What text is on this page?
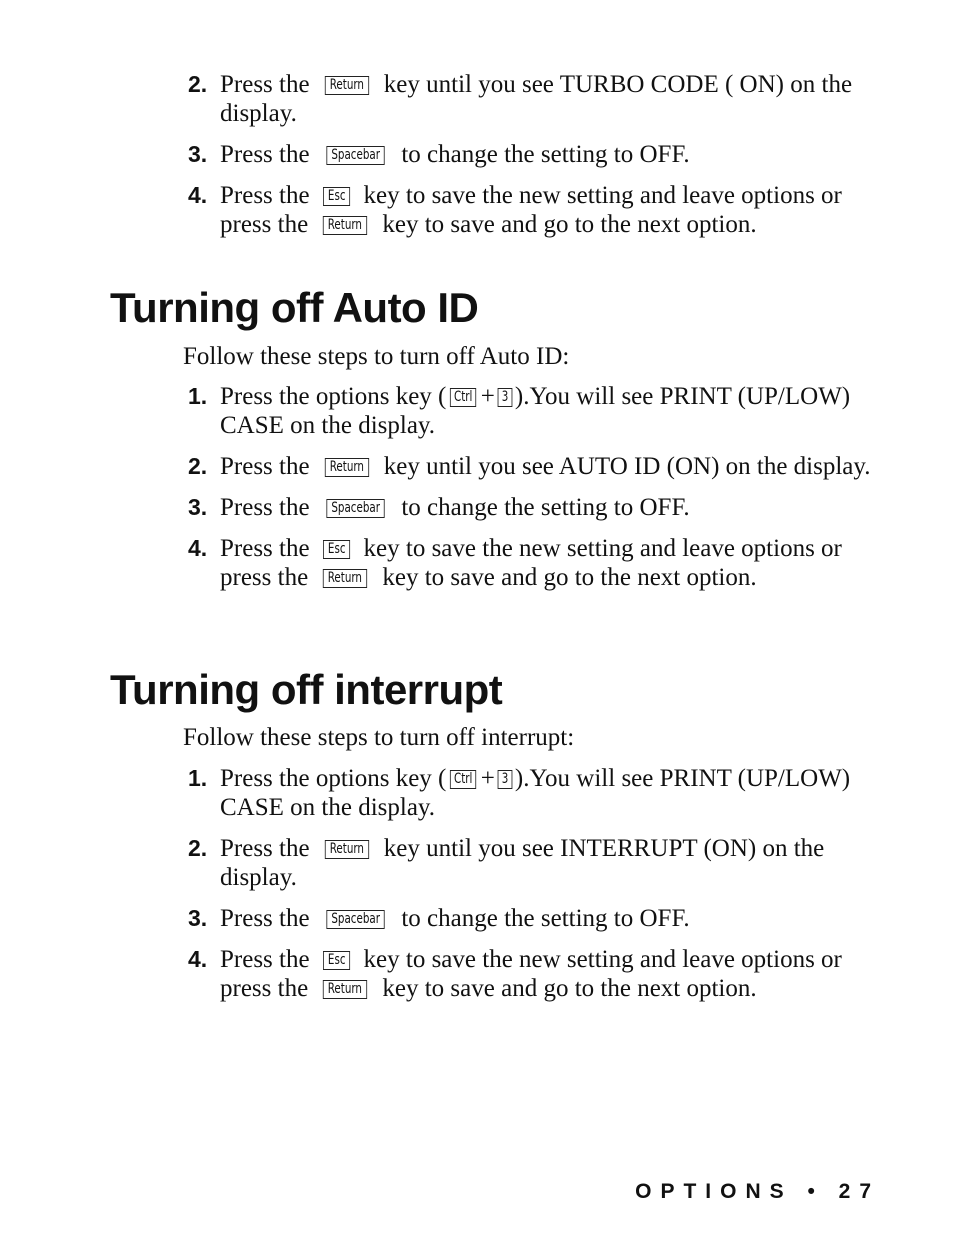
2. Press the Return key until you see TURBO CODE ( ON) on the display.
3. Press the Spacebar to change the setting to OFF.
4. Press the Esc key to save the new setting and leave options or press the Return key to save and go to the next option.
Turning off Auto ID

Follow these steps to turn off Auto ID:

1. Press the options key ( Ctrl + 3 ).You will see PRINT (UP/LOW) CASE on the display.
2. Press the Return key until you see AUTO ID (ON) on the display.
3. Press the Spacebar to change the setting to OFF.
4. Press the Esc key to save the new setting and leave options or press the Return key to save and go to the next option.
Turning off interrupt

Follow these steps to turn off interrupt:

1. Press the options key ( Ctrl + 3 ).You will see PRINT (UP/LOW) CASE on the display.
2. Press the Return key until you see INTERRUPT (ON) on the display.
3. Press the Spacebar to change the setting to OFF.
4. Press the Esc key to save the new setting and leave options or press the Return key to save and go to the next option.
OPTIONS • 27
